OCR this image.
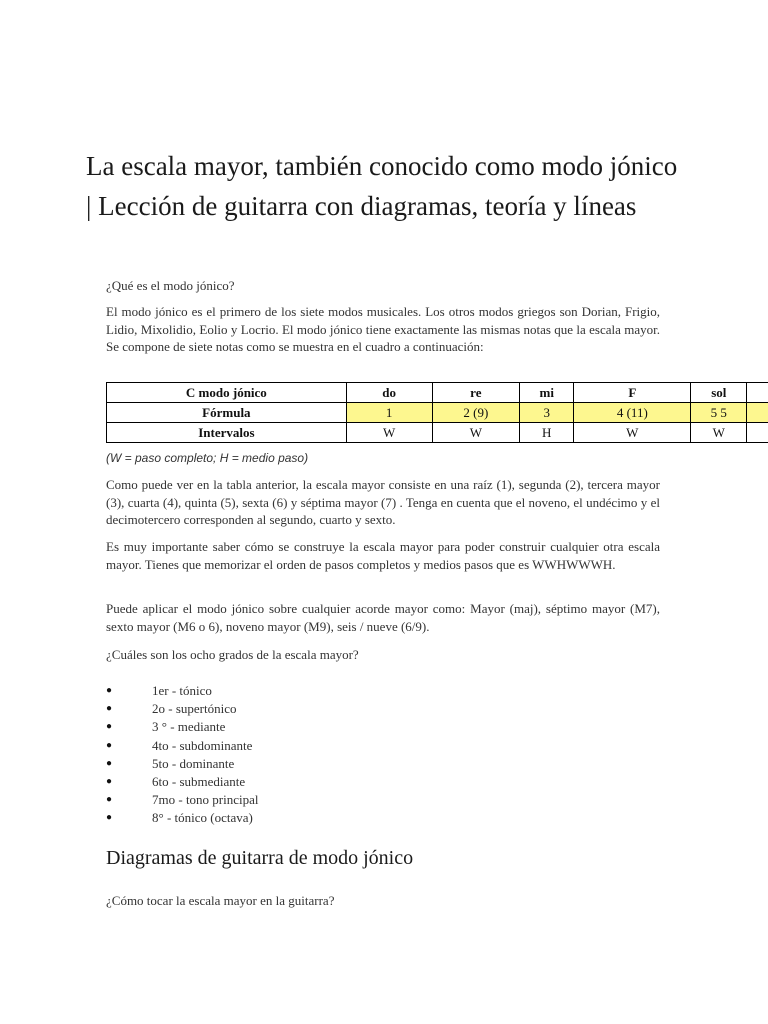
La escala mayor, también conocido como modo jónico | Lección de guitarra con diagramas, teoría y líneas

¿Qué es el modo jónico?

El modo jónico es el primero de los siete modos musicales. Los otros modos griegos son Dorian, Frigio, Lidio, Mixolidio, Eolio y Locrio. El modo jónico tiene exactamente las mismas notas que la escala mayor. Se compone de siete notas como se muestra en el cuadro a continuación:

C modo jónico	do	re	mi	F	sol	
Fórmula	1	2 (9)	3	4 (11)	5 5	
Intervalos	W	W	H	W	W	

(W = paso completo; H = medio paso)

Como puede ver en la tabla anterior, la escala mayor consiste en una raíz (1), segunda (2), tercera mayor (3), cuarta (4), quinta (5), sexta (6) y séptima mayor (7) . Tenga en cuenta que el noveno, el undécimo y el decimotercero corresponden al segundo, cuarto y sexto.

Es muy importante saber cómo se construye la escala mayor para poder construir cualquier otra escala mayor. Tienes que memorizar el orden de pasos completos y medios pasos que es WWHWWWH.

Puede aplicar el modo jónico sobre cualquier acorde mayor como: Mayor (maj), séptimo mayor (M7), sexto mayor (M6 o 6), noveno mayor (M9), seis / nueve (6/9).

¿Cuáles son los ocho grados de la escala mayor?

●	1er - tónico
●	2o - supertónico
●	3 ° - mediante
●	4to - subdominante
●	5to - dominante
●	6to - submediante
●	7mo - tono principal
●	8° - tónico (octava)
Diagramas de guitarra de modo jónico

¿Cómo tocar la escala mayor en la guitarra?
